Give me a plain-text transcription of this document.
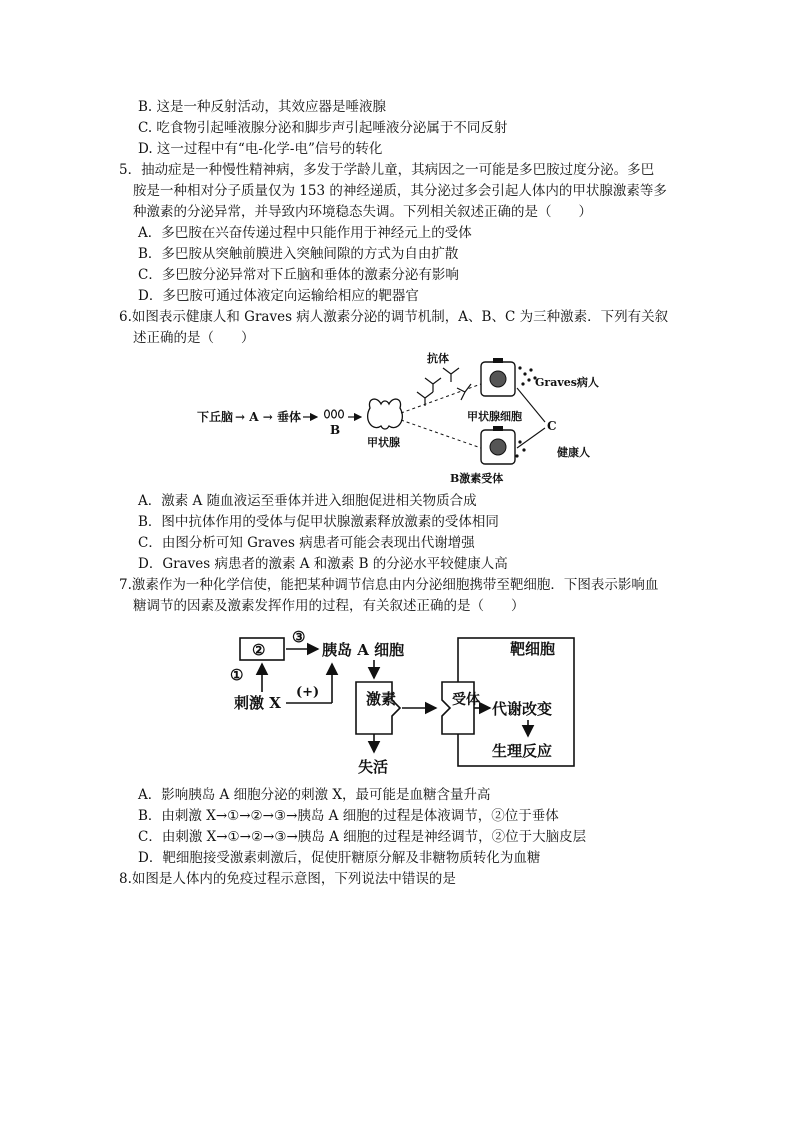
B. 这是一种反射活动，其效应器是唾液腺
C. 吃食物引起唾液腺分泌和脚步声引起唾液分泌属于不同反射
D. 这一过程中有“电-化学-电”信号的转化
5．抽动症是一种慢性精神病，多发于学龄儿童，其病因之一可能是多巴胺过度分泌。多巴
胺是一种相对分子质量仅为 153 的神经递质，其分泌过多会引起人体内的甲状腺激素等多
种激素的分泌异常，并导致内环境稳态失调。下列相关叙述正确的是（　　）
A．多巴胺在兴奋传递过程中只能作用于神经元上的受体
B．多巴胺从突触前膜进入突触间隙的方式为自由扩散
C．多巴胺分泌异常对下丘脑和垂体的激素分泌有影响
D．多巴胺可通过体液定向运输给相应的靶器官
6.如图表示健康人和 Graves 病人激素分泌的调节机制，A、B、C 为三种激素．下列有关叙
述正确的是（　　）
下丘脑 → A → 垂体
B
甲状腺
抗体
Graves病人
甲状腺细胞
B激素受体
C
健康人
A．激素 A 随血液运至垂体并进入细胞促进相关物质合成
B．图中抗体作用的受体与促甲状腺激素释放激素的受体相同
C．由图分析可知 Graves 病患者可能会表现出代谢增强
D．Graves 病患者的激素 A 和激素 B 的分泌水平较健康人高
7.激素作为一种化学信使，能把某种调节信息由内分泌细胞携带至靶细胞．下图表示影响血
糖调节的因素及激素发挥作用的过程，有关叙述正确的是（　　）
②
③
胰岛 A 细胞
①
刺激 X
(+)	激素
失活
靶细胞
受体 代谢改变
生理反应
A．影响胰岛 A 细胞分泌的刺激 X，最可能是血糖含量升高
B．由刺激 X→①→②→③→胰岛 A 细胞的过程是体液调节，②位于垂体
C．由刺激 X→①→②→③→胰岛 A 细胞的过程是神经调节，②位于大脑皮层
D．靶细胞接受激素刺激后，促使肝糖原分解及非糖物质转化为血糖
8.如图是人体内的免疫过程示意图，下列说法中错误的是
